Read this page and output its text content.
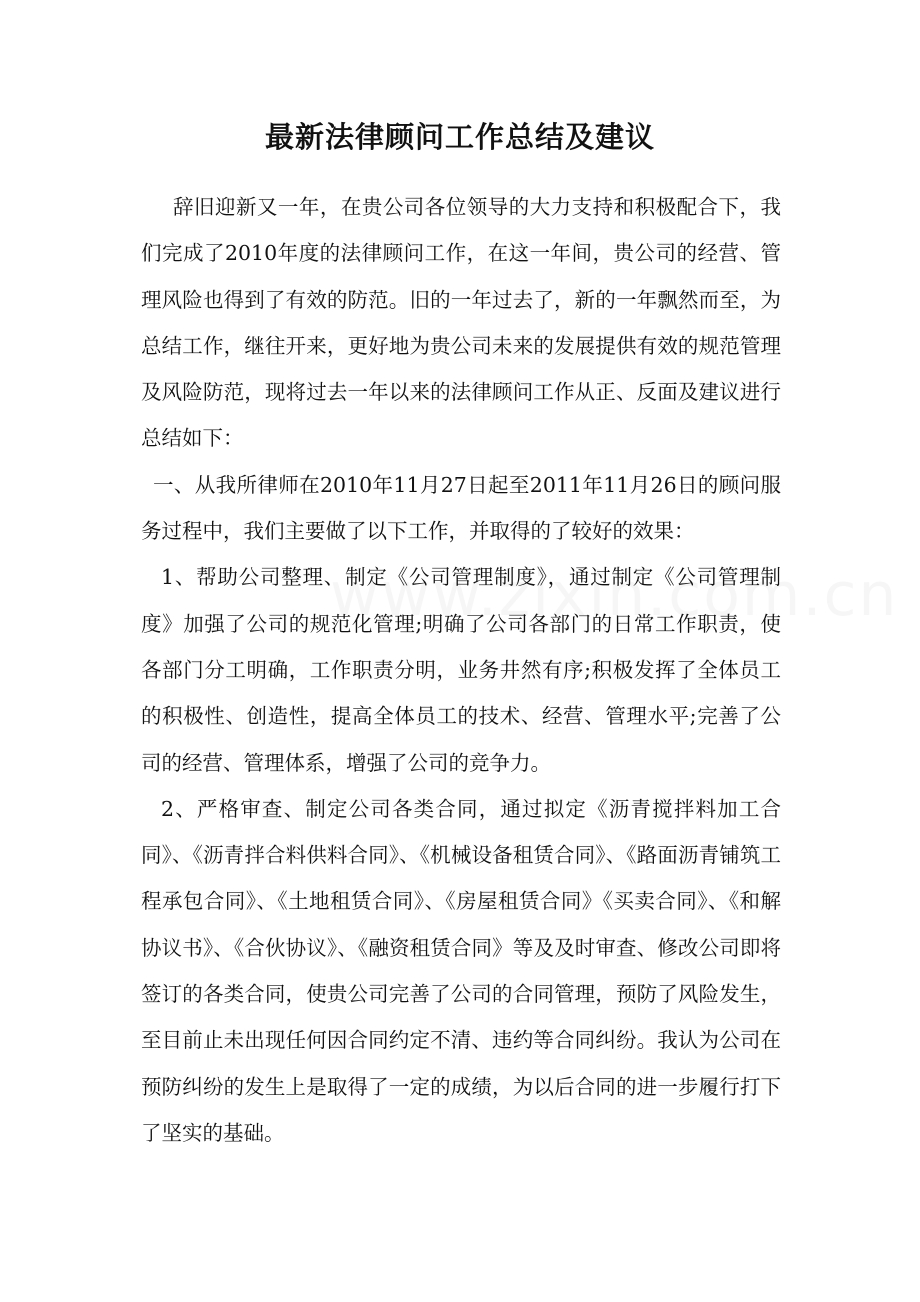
最新法律顾问工作总结及建议

辞旧迎新又一年，在贵公司各位领导的大力支持和积极配合下，我们完成了2010年度的法律顾问工作，在这一年间，贵公司的经营、管理风险也得到了有效的防范。旧的一年过去了，新的一年飘然而至，为总结工作，继往开来，更好地为贵公司未来的发展提供有效的规范管理及风险防范，现将过去一年以来的法律顾问工作从正、反面及建议进行总结如下：

一、从我所律师在2010年11月27日起至2011年11月26日的顾问服务过程中，我们主要做了以下工作，并取得的了较好的效果：

1、帮助公司整理、制定《公司管理制度》，通过制定《公司管理制度》加强了公司的规范化管理;明确了公司各部门的日常工作职责，使各部门分工明确，工作职责分明，业务井然有序;积极发挥了全体员工的积极性、创造性，提高全体员工的技术、经营、管理水平;完善了公司的经营、管理体系，增强了公司的竞争力。

2、严格审查、制定公司各类合同，通过拟定《沥青搅拌料加工合同》、《沥青拌合料供料合同》、《机械设备租赁合同》、《路面沥青铺筑工程承包合同》、《土地租赁合同》、《房屋租赁合同》《买卖合同》、《和解协议书》、《合伙协议》、《融资租赁合同》等及及时审查、修改公司即将签订的各类合同，使贵公司完善了公司的合同管理，预防了风险发生，至目前止未出现任何因合同约定不清、违约等合同纠纷。我认为公司在预防纠纷的发生上是取得了一定的成绩，为以后合同的进一步履行打下了坚实的基础。
